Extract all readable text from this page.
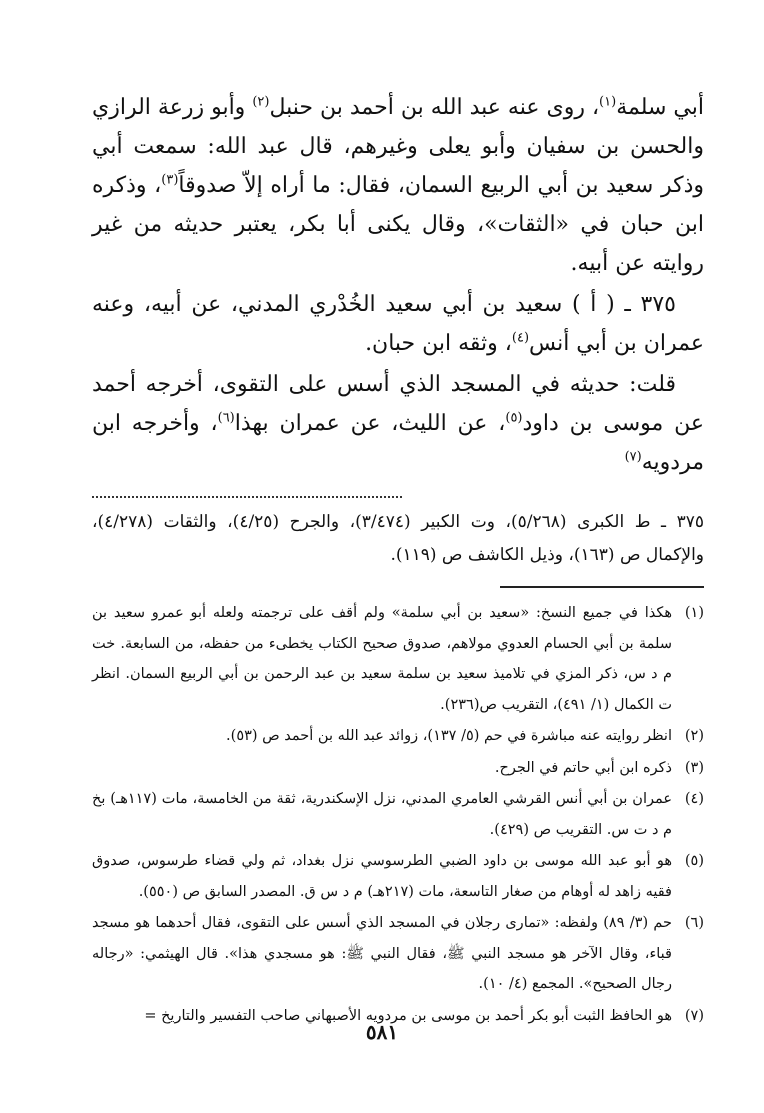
أبي سلمة$^{(١)}$، روى عنه عبد الله بن أحمد بن حنبل$^{(٢)}$ وأبو زرعة الرازي والحسن بن سفيان وأبو يعلى وغيرهم، قال عبد الله: سمعت أبي وذكر سعيد بن أبي الربيع السمان، فقال: ما أراه إلاّ صدوقاً$^{(٣)}$، وذكره ابن حبان في «الثقات»، وقال يكنى أبا بكر، يعتبر حديثه من غير روايته عن أبيه.

٣٧٥ ـ ( أ ) سعيد بن أبي سعيد الخُدْري المدني، عن أبيه، وعنه عمران بن أبي أنس$^{(٤)}$، وثقه ابن حبان.

قلت: حديثه في المسجد الذي أسس على التقوى، أخرجه أحمد عن موسى بن داود$^{(٥)}$، عن الليث، عن عمران بهذا$^{(٦)}$، وأخرجه ابن مردويه$^{(٧)}$

٣٧٥ ـ ط الكبرى (٥/٢٦٨)، وت الكبير (٣/٤٧٤)، والجرح (٤/٢٥)، والثقات (٤/٢٧٨)، والإكمال ص (١٦٣)، وذيل الكاشف ص (١١٩).

(١)
هكذا في جميع النسخ: «سعيد بن أبي سلمة» ولم أقف على ترجمته ولعله أبو عمرو سعيد بن سلمة بن أبي الحسام العدوي مولاهم، صدوق صحيح الكتاب يخطىء من حفظه، من السابعة. خت م د س، ذكر المزي في تلاميذ سعيد بن سلمة سعيد بن عبد الرحمن بن أبي الربيع السمان. انظر ت الكمال (١/ ٤٩١)، التقريب ص(٢٣٦).
(٢)
انظر روايته عنه مباشرة في حم (٥/ ١٣٧)، زوائد عبد الله بن أحمد ص (٥٣).
(٣)
ذكره ابن أبي حاتم في الجرح.
(٤)
عمران بن أبي أنس القرشي العامري المدني، نزل الإسكندرية، ثقة من الخامسة، مات (١١٧هـ) بخ م د ت س. التقريب ص (٤٢٩).
(٥)
هو أبو عبد الله موسى بن داود الضبي الطرسوسي نزل بغداد، ثم ولي قضاء طرسوس، صدوق فقيه زاهد له أوهام من صغار التاسعة، مات (٢١٧هـ) م د س ق. المصدر السابق ص (٥٥٠).
(٦)
حم (٣/ ٨٩) ولفظه: «تمارى رجلان في المسجد الذي أسس على التقوى، فقال أحدهما هو مسجد قباء، وقال الآخر هو مسجد النبي ﷺ، فقال النبي ﷺ: هو مسجدي هذا». قال الهيثمي: «رجاله رجال الصحيح». المجمع (٤/ ١٠).
(٧)
هو الحافظ الثبت أبو بكر أحمد بن موسى بن مردويه الأصبهاني صاحب التفسير والتاريخ =
٥٨١
